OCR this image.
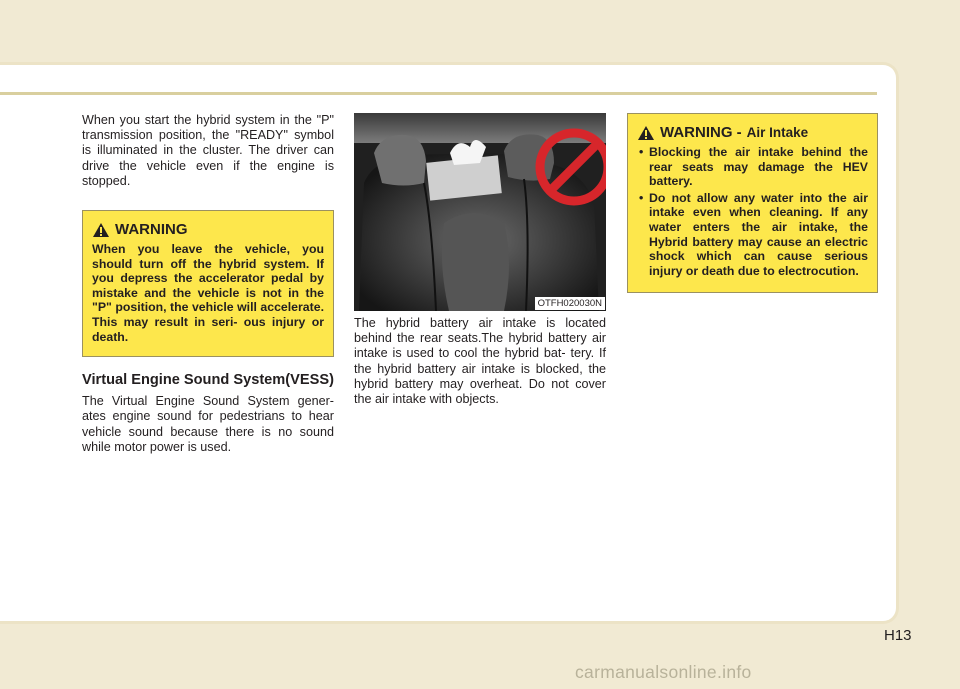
When you start the hybrid system in the "P" transmission position, the "READY" symbol is illuminated in the cluster. The driver can drive the vehicle even if the engine is stopped.

WARNING

When you leave the vehicle, you should turn off the hybrid system. If you depress the accelerator pedal by mistake and the vehicle is not in the "P" position, the vehicle will accelerate. This may result in seri- ous injury or death.

Virtual Engine Sound System(VESS)

The Virtual Engine Sound System gener- ates engine sound for pedestrians to hear vehicle sound because there is no sound while motor power is used.

OTFH020030N

The hybrid battery air intake is located behind the rear seats.The hybrid battery air intake is used to cool the hybrid bat- tery. If the hybrid battery air intake is blocked, the hybrid battery may overheat. Do not cover the air intake with objects.

WARNING - Air Intake
• Blocking the air intake behind the rear seats may damage the HEV battery.
• Do not allow any water into the air intake even when cleaning. If any water enters the air intake, the Hybrid battery may cause an electric shock which can cause serious injury or death due to electrocution.
H13
carmanualsonline.info
